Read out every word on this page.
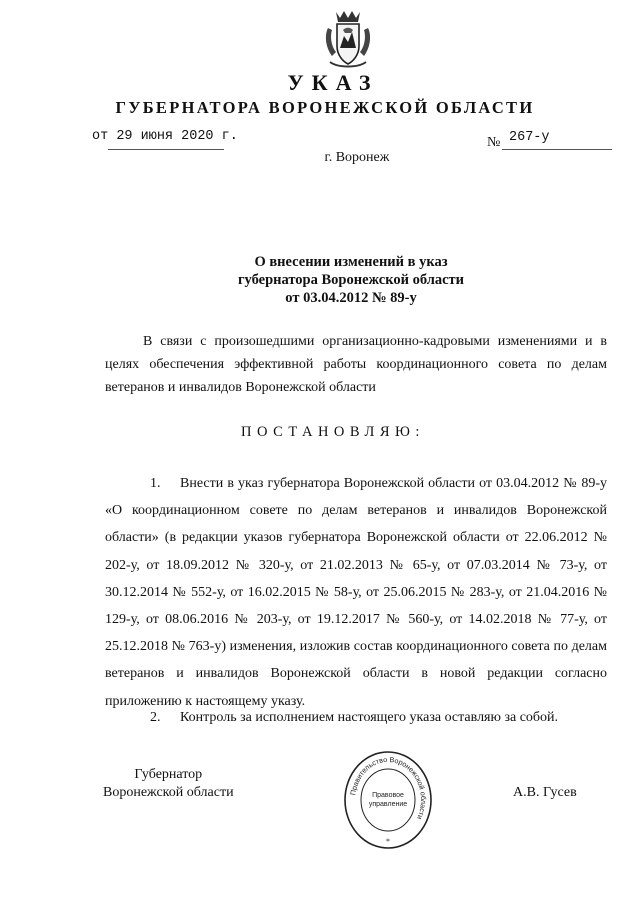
УКАЗ
ГУБЕРНАТОРА ВОРОНЕЖСКОЙ ОБЛАСТИ
от 29 июня 2020 г.	№ 267-у
г. Воронеж
О внесении изменений в указ
губернатора Воронежской области
от 03.04.2012 № 89-у

В связи с произошедшими организационно-кадровыми изменениями и в целях обеспечения эффективной работы координационного совета по делам ветеранов и инвалидов Воронежской области

ПОСТАНОВЛЯЮ:

1. Внести в указ губернатора Воронежской области от 03.04.2012 № 89-у «О координационном совете по делам ветеранов и инвалидов Воронежской области» (в редакции указов губернатора Воронежской области от 22.06.2012 № 202-у, от 18.09.2012 № 320-у, от 21.02.2013 № 65-у, от 07.03.2014 № 73-у, от 30.12.2014 № 552-у, от 16.02.2015 № 58-у, от 25.06.2015 № 283-у, от 21.04.2016 № 129-у, от 08.06.2016 № 203-у, от 19.12.2017 № 560-у, от 14.02.2018 № 77-у, от 25.12.2018 № 763-у) изменения, изложив состав координационного совета по делам ветеранов и инвалидов Воронежской области в новой редакции согласно приложению к настоящему указу.

2. Контроль за исполнением настоящего указа оставляю за собой.

Губернатор
Воронежской области	Правительство Воронежской области
Правовое
управление
*
А.В. Гусев
